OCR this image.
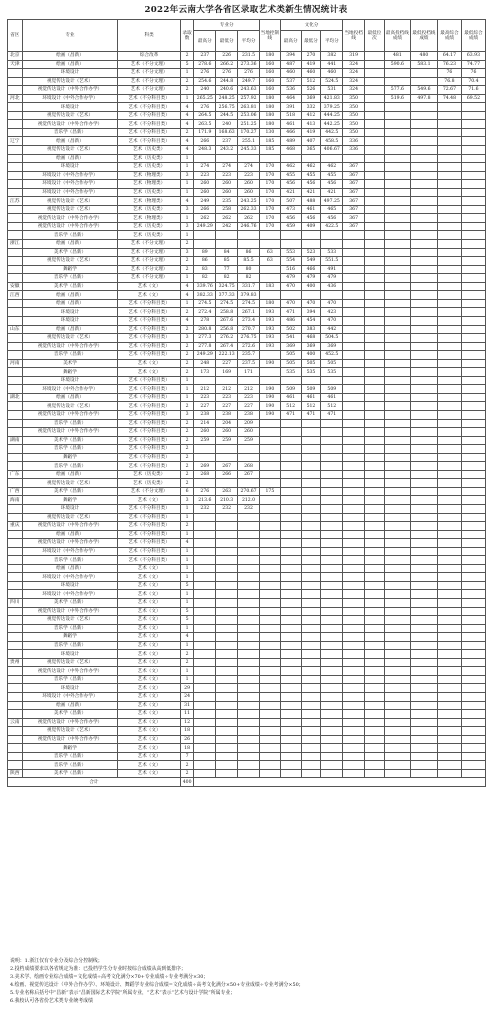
2022年云南大学各省区录取艺术类新生情况统计表
省区	专业	科类	录取数	专业分			当地控制线	文化分			当地投档线	最低位次	最高投档线成绩	最低投档线成绩	最高综合成绩	最低综合成绩
				最高分	最低分	平均分		最高分	最低分	平均分						
北京	绘画（昌新）	综合改革	2	237	226	231.5	180	394	270	382	319		481	480	64.17	63.93
天津	绘画（昌新）	艺术（不分文理）	5	278.6	266.2	273.36	160	487	419	441	324		590.6	583.1	76.23	74.77
	环境设计	艺术（不分文理）	1	276	276	276	160	460	460	460	324				76	76
	视觉传达设计（艺术）	艺术（不分文理）	2	254.6	244.8	249.7	160	537	512	524.5	324				76.8	70.4
	视觉传达设计（中外合作办学）	艺术（不分文理）	2	240	240.6	243.63	160	536	526	531	324		577.6	549.6	72.67	71.6
河北	环境设计（中外合作办学）	艺术（不分科目类）	1	265.25	248.25	257.92	180	464	369	421.83	350		519.6	497.8	74.48	69.52
	环境设计	艺术（不分科目类）	4	276	256.75	263.81	180	391	332	379.25	350					
	视觉传达设计（艺术）	艺术（不分科目类）	4	264.5	244.5	253.06	180	518	412	444.25	350					
	视觉传达设计（中外合作办学）	艺术（不分科目类）	4	263.5	240	251.25	180	461	413	442.25	350					
	音乐学（昌新）	艺术（不分科目类）	2	171.9	168.63	170.27	130	466	419	442.5	350					
辽宁	绘画（昌新）	艺术（不分科目类）	4	266	237	255.1	185	489	407	458.5	336					
	视觉传达设计（艺术）	艺术（历史类）	4	248.3	243.2	245.33	185	468	365	406.67	336					
	绘画（昌新）	艺术（历史类）	1													
	环境设计	艺术（历史类）	1	274	274	274	170	462	462	462	367					
	环境设计（中外合作办学）	艺术（物理类）	3	223	223	223	170	455	455	455	367					
	环境设计（中外合作办学）	艺术（物理类）	1	260	260	260	170	456	456	456	367					
	环境设计（中外合作办学）	艺术（历史类）	1	260	260	260	170	421	421	421	367					
江苏	视觉传达设计（艺术）	艺术（物理类）	4	249	235	243.25	170	507	488	497.25	367					
	视觉传达设计（艺术）	艺术（历史类）	3	266	258	262.33	170	473	461	465	367					
	视觉传达设计（中外合作办学）	艺术（物理类）	1	262	262	262	170	456	456	456	367					
	视觉传达设计（中外合作办学）	艺术（历史类）	3	249.29	242	246.76	170	459	409	422.5	367					
	音乐学（昌新）	艺术（历史类）	1													
浙江	绘画（昌新）	艺术（不分文理）	2													
	美术学（昌新）	艺术（不分文理）	3	89	84	86	63	553	523	533						
	视觉传达设计（艺术）	艺术（不分文理）	2	86	85	85.5	63	554	549	551.5						
	舞蹈学	艺术（不分文理）	2	83	77	80		516	466	491						
	音乐学（昌新）	艺术（不分文理）	1	82	82	82		479	479	479						
安徽	美术学（昌新）	艺术（文）	4	339.76	324.75	331.7	183	470	400	436						
江西	绘画（昌新）	艺术（文）	4	382.33	377.33	379.83										
	绘画（昌新）	艺术（不分科目类）	1	274.5	274.5	274.5	180	470	470	470						
	环境设计	艺术（不分科目类）	2	272.4	258.8	267.1	193	471	394	423						
	环境设计	艺术（不分科目类）	4	278	267.6	273.4	193	486	454	470						
山东	绘画（昌新）	艺术（不分科目类）	2	280.8	256.8	270.7	193	502	383	442						
	视觉传达设计（艺术）	艺术（不分科目类）	3	277.3	276.2	276.75	193	541	468	504.5						
	视觉传达设计（中外合作办学）	艺术（不分科目类）	2	277.8	267.4	272.6	193	369	369	369						
	音乐学（昌新）	艺术（不分科目类）	2	249.29	222.13	235.7		505	400	452.5						
河南	美术学	艺术（文）	2	248	227	237.5	190	505	505	505						
	舞蹈学	艺术（文）	2	173	169	171		535	535	535						
	环境设计	艺术（不分科目类）	1													
	环境设计（中外合作办学）	艺术（不分科目类）	1	212	212	212	190	509	509	509						
湖北	绘画（昌新）	艺术（不分科目类）	1	223	223	223	190	461	461	461						
	视觉传达设计（艺术）	艺术（不分科目类）	2	227	227	227	190	512	512	512						
	视觉传达设计（中外合作办学）	艺术（不分科目类）	3	238	238	238	190	471	471	471						
	音乐学（昌新）	艺术（不分科目类）	2	214	204	209										
	视觉传达设计（中外合作办学）	艺术（不分科目类）	2	260	260	260										
湖南	美术学（昌新）	艺术（不分科目类）	2	259	259	259										
	音乐学（昌新）	艺术（不分科目类）	2													
	舞蹈学	艺术（不分科目类）	2													
	音乐学（昌新）	艺术（不分科目类）	2	269	267	268										
广东	绘画（昌新）	艺术（历史类）	2	268	266	267										
	视觉传达设计（艺术）	艺术（历史类）	2													
广西	美术学（昌新）	艺术（不分文理）	6	276	263	270.67	175									
海南	舞蹈学	艺术（文）	3	213.6	210.3	212.0										
	环境设计	艺术（不分科目类）	1	232	232	232										
	视觉传达设计（艺术）	艺术（不分科目类）	1													
重庆	视觉传达设计（中外合作办学）	艺术（不分科目类）	2													
	绘画（昌新）	艺术（不分科目类）	1													
	视觉传达设计（中外合作办学）	艺术（不分科目类）	4													
	环境设计（中外合作办学）	艺术（不分科目类）	1													
	音乐学（昌新）	艺术（不分科目类）	1													
	绘画（昌新）	艺术（文）	1													
	环境设计（中外合作办学）	艺术（文）	1													
	环境设计	艺术（文）	5													
	环境设计（中外合作办学）	艺术（文）	1													
四川	美术学（昌新）	艺术（文）	1													
	视觉传达设计（中外合作办学）	艺术（文）	5													
	视觉传达设计（艺术）	艺术（文）	5													
	音乐学（昌新）	艺术（文）	1													
	舞蹈学	艺术（文）	4													
	音乐学（昌新）	艺术（文）	1													
	环境设计	艺术（文）	2													
贵州	视觉传达设计（艺术）	艺术（文）	2													
	视觉传达设计（中外合作办学）	艺术（文）	1													
	音乐学（昌新）	艺术（文）	1													
	环境设计	艺术（文）	29													
	环境设计（中外合作办学）	艺术（文）	24													
	绘画（昌新）	艺术（文）	31													
	美术学（昌新）	艺术（文）	11													
云南	视觉传达设计（中外合作办学）	艺术（文）	12													
	视觉传达设计（艺术）	艺术（文）	18													
	视觉传达设计（中外合作办学）	艺术（文）	26													
	舞蹈学	艺术（文）	18													
	音乐学（昌新）	艺术（文）	7													
	音乐学（昌新）	艺术（文）	2													
陕西	美术学（昌新）	艺术（文）	2													
合计			400													
说明：1.浙江仅有专业分及综合分控制线；
2.投档成绩要求以各省规定为准：已投档学生分专业时按综合成绩从高到低排序；
3.美术学、绘画专业综合成绩=文化成绩÷高考文化满分×70+专业成绩÷专业考满分×30；
4.绘画、视觉传达设计（中外合作办学）、环境设计、舞蹈学专业综合成绩=文化成绩÷高考文化满分×50+专业成绩÷专业考满分×50；
5.专业名称后括号中“昌新”表示“昌新国际艺术学院”所属专业，“艺术”表示“艺术与设计学院”所属专业；
6.我校认可各省份艺术类专业统考成绩
